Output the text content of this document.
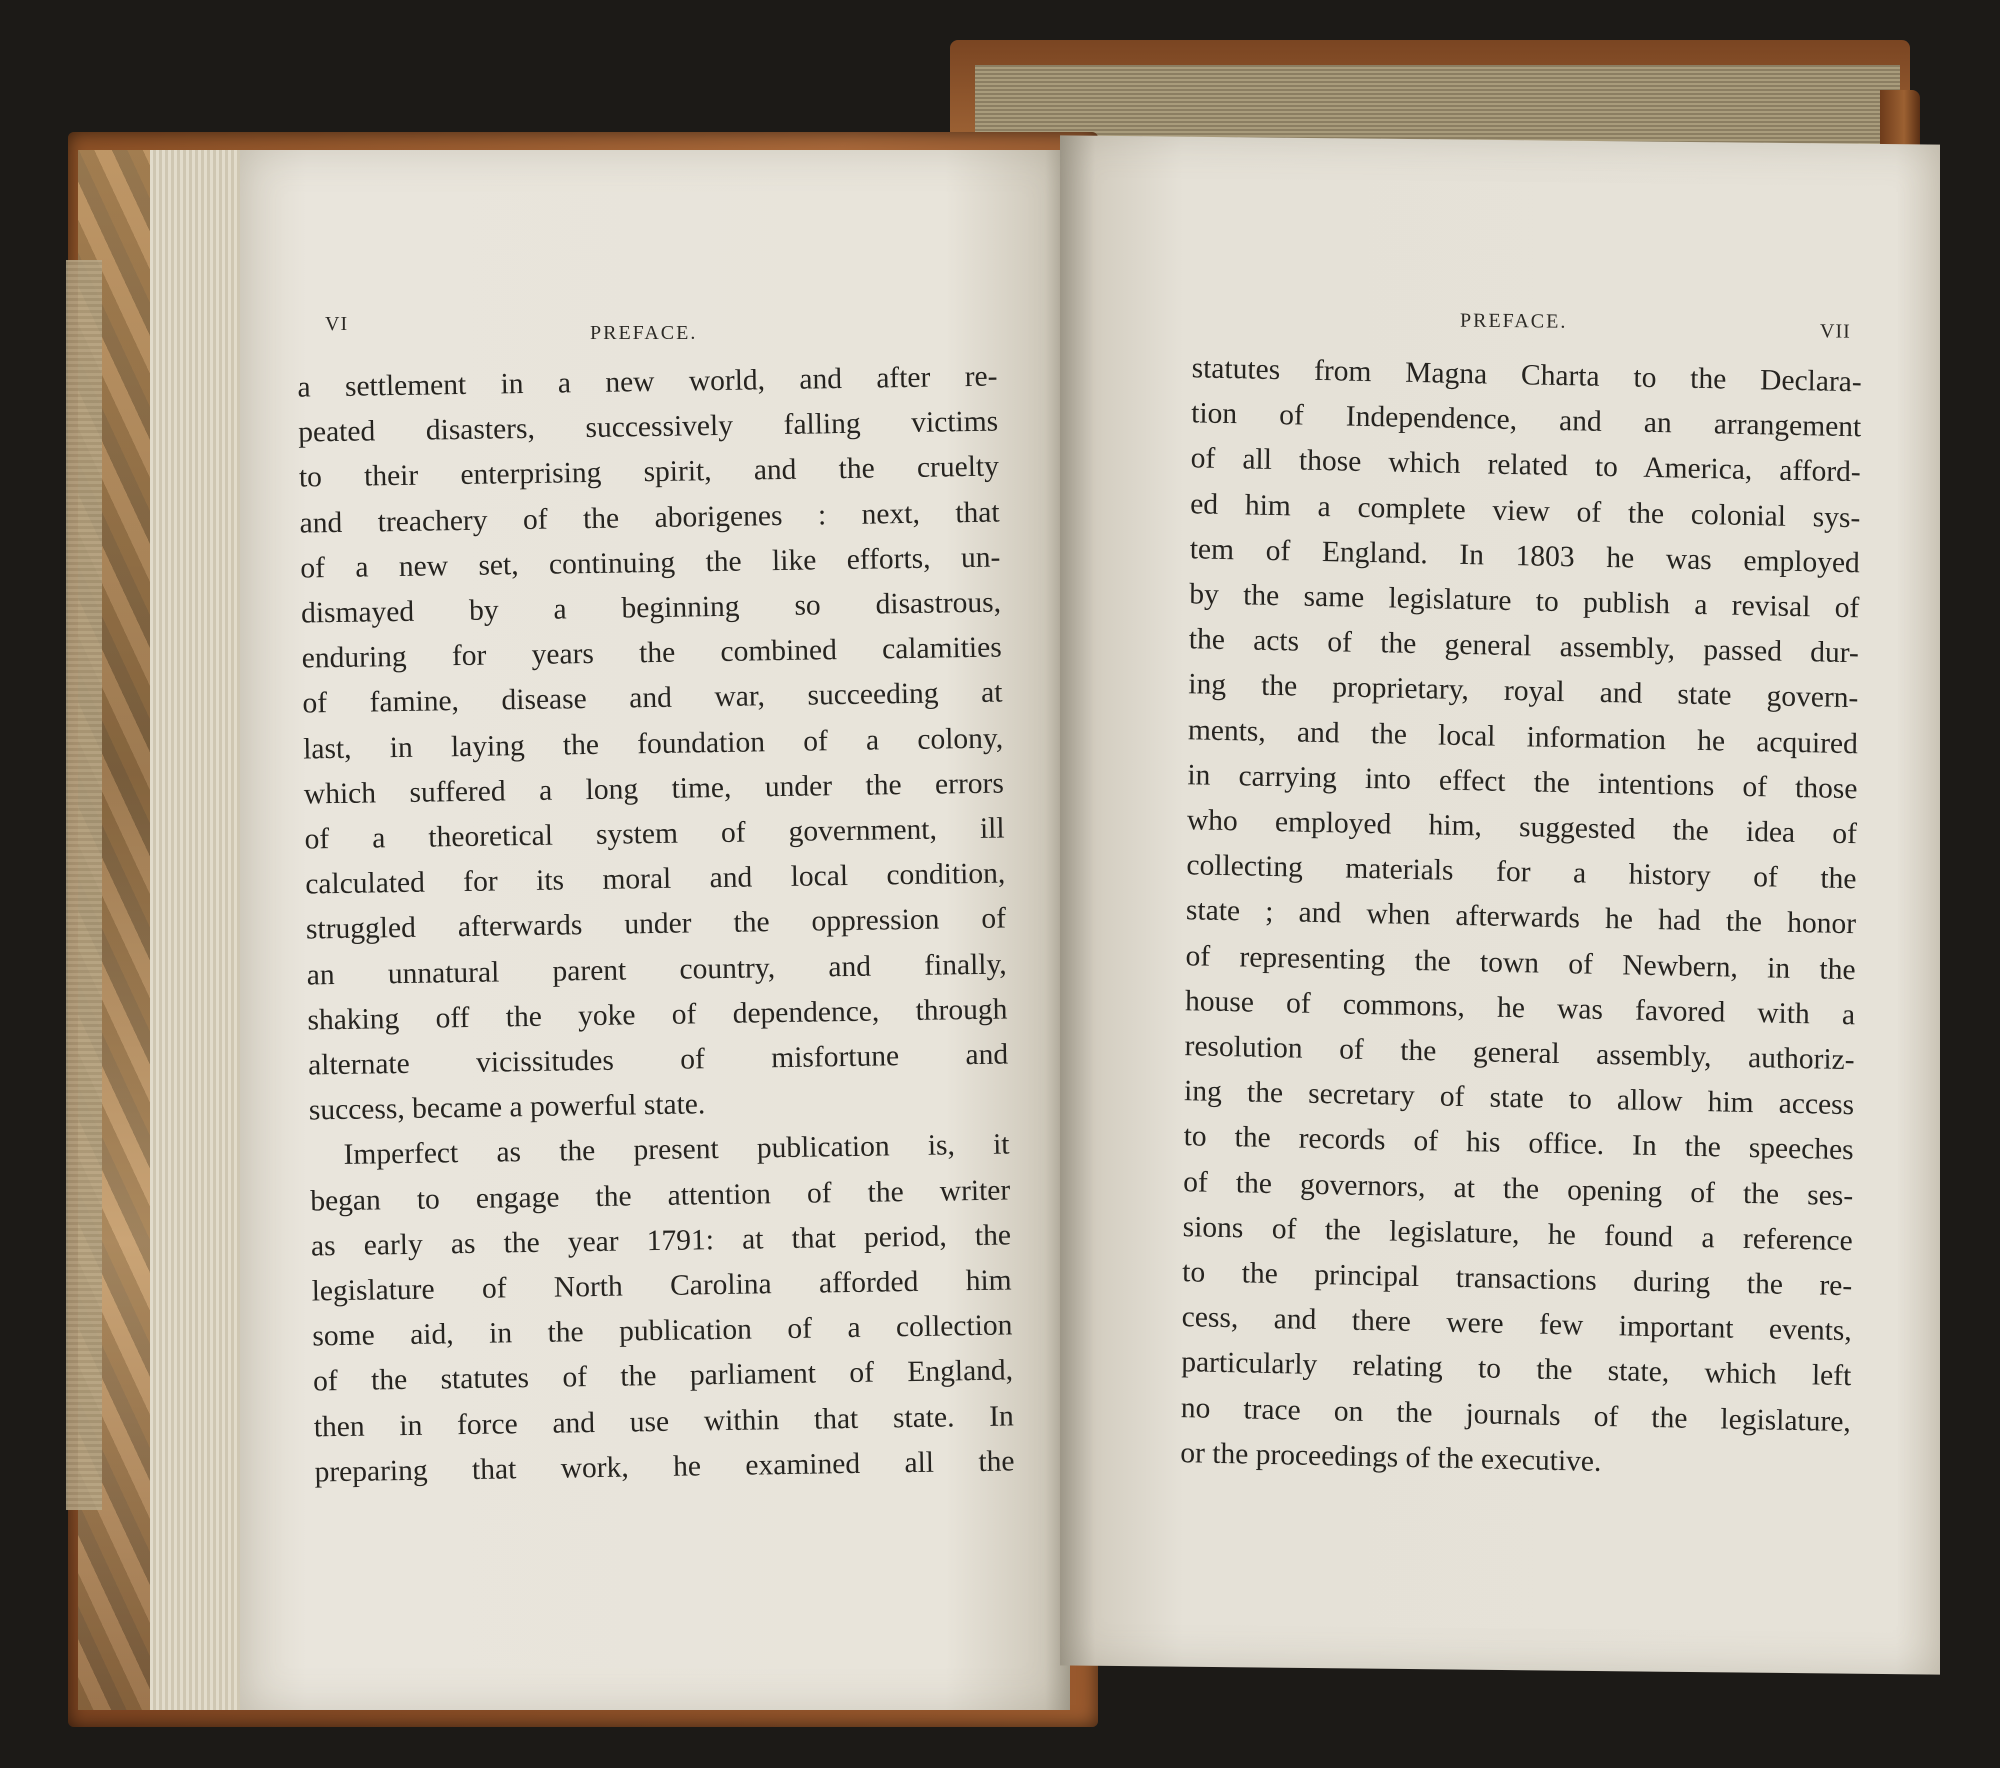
VI	PREFACE.
a settlement in a new world, and after re-
peated disasters, successively falling victims
to their enterprising spirit, and the cruelty
and treachery of the aborigenes : next, that
of a new set, continuing the like efforts, un-
dismayed by a beginning so disastrous,
enduring for years the combined calamities
of famine, disease and war, succeeding at
last, in laying the foundation of a colony,
which suffered a long time, under the errors
of a theoretical system of government, ill
calculated for its moral and local condition,
struggled afterwards under the oppression of
an unnatural parent country, and finally,
shaking off the yoke of dependence, through
alternate vicissitudes of misfortune and
success, became a powerful state.
Imperfect as the present publication is, it
began to engage the attention of the writer
as early as the year 1791: at that period, the
legislature of North Carolina afforded him
some aid, in the publication of a collection
of the statutes of the parliament of England,
then in force and use within that state. In
preparing that work, he examined all the
PREFACE.	VII
statutes from Magna Charta to the Declara-
tion of Independence, and an arrangement
of all those which related to America, afford-
ed him a complete view of the colonial sys-
tem of England. In 1803 he was employed
by the same legislature to publish a revisal of
the acts of the general assembly, passed dur-
ing the proprietary, royal and state govern-
ments, and the local information he acquired
in carrying into effect the intentions of those
who employed him, suggested the idea of
collecting materials for a history of the
state ; and when afterwards he had the honor
of representing the town of Newbern, in the
house of commons, he was favored with a
resolution of the general assembly, authoriz-
ing the secretary of state to allow him access
to the records of his office. In the speeches
of the governors, at the opening of the ses-
sions of the legislature, he found a reference
to the principal transactions during the re-
cess, and there were few important events,
particularly relating to the state, which left
no trace on the journals of the legislature,
or the proceedings of the executive.
